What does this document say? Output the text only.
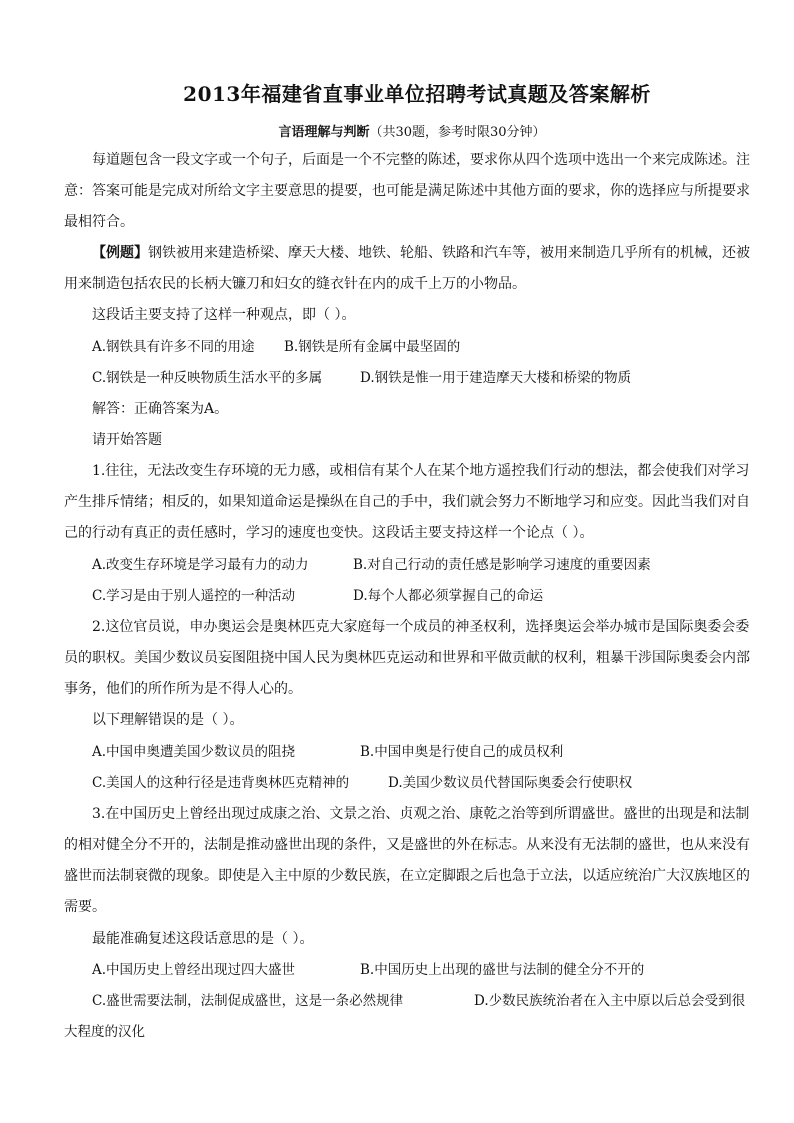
2013年福建省直事业单位招聘考试真题及答案解析
言语理解与判断（共30题，参考时限30分钟）
每道题包含一段文字或一个句子，后面是一个不完整的陈述，要求你从四个选项中选出一个来完成陈述。注
意：答案可能是完成对所给文字主要意思的提要，也可能是满足陈述中其他方面的要求，你的选择应与所提要求
最相符合。
【例题】钢铁被用来建造桥梁、摩天大楼、地铁、轮船、铁路和汽车等，被用来制造几乎所有的机械，还被
用来制造包括农民的长柄大镰刀和妇女的缝衣针在内的成千上万的小物品。
这段话主要支持了这样一种观点，即（ ）。
A.钢铁具有许多不同的用途 B.钢铁是所有金属中最坚固的
C.钢铁是一种反映物质生活水平的多属	D.钢铁是惟一用于建造摩天大楼和桥梁的物质
解答：正确答案为A。
请开始答题
1.往往，无法改变生存环境的无力感，或相信有某个人在某个地方遥控我们行动的想法，都会使我们对学习
产生排斥情绪；相反的，如果知道命运是操纵在自己的手中，我们就会努力不断地学习和应变。因此当我们对自
己的行动有真正的责任感时，学习的速度也变快。这段话主要支持这样一个论点（ ）。
A.改变生存环境是学习最有力的动力	B.对自己行动的责任感是影响学习速度的重要因素
C.学习是由于别人遥控的一种活动	D.每个人都必须掌握自己的命运
2.这位官员说，申办奥运会是奥林匹克大家庭每一个成员的神圣权利，选择奥运会举办城市是国际奥委会委
员的职权。美国少数议员妄图阻挠中国人民为奥林匹克运动和世界和平做贡献的权利，粗暴干涉国际奥委会内部
事务，他们的所作所为是不得人心的。
以下理解错误的是（ ）。
A.中国申奥遭美国少数议员的阻挠	B.中国申奥是行使自己的成员权利
C.美国人的这种行径是违背奥林匹克精神的	D.美国少数议员代替国际奥委会行使职权
3.在中国历史上曾经出现过成康之治、文景之治、贞观之治、康乾之治等到所谓盛世。盛世的出现是和法制
的相对健全分不开的，法制是推动盛世出现的条件，又是盛世的外在标志。从来没有无法制的盛世，也从来没有
盛世而法制衰微的现象。即使是入主中原的少数民族，在立定脚跟之后也急于立法，以适应统治广大汉族地区的
需要。
最能准确复述这段话意思的是（ ）。
A.中国历史上曾经出现过四大盛世	B.中国历史上出现的盛世与法制的健全分不开的
C.盛世需要法制，法制促成盛世，这是一条必然规律	D.少数民族统治者在入主中原以后总会受到很
大程度的汉化
